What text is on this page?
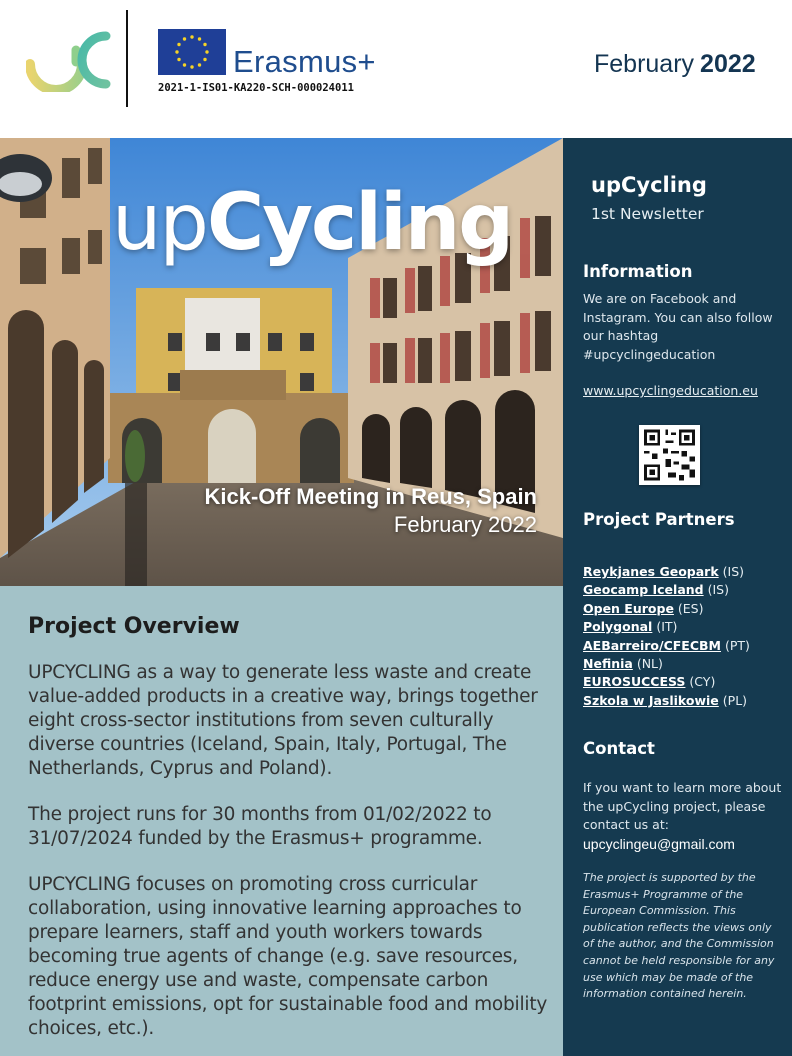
Erasmus+
2021-1-IS01-KA220-SCH-000024011
February 2022
upCycling
Kick-Off Meeting in Reus, Spain
February 2022
Project Overview

UPCYCLING as a way to generate less waste and create value-added products in a creative way, brings together eight cross-sector institutions from seven culturally diverse countries (Iceland, Spain, Italy, Portugal, The Netherlands, Cyprus and Poland).

The project runs for 30 months from 01/02/2022 to 31/07/2024 funded by the Erasmus+ programme.

UPCYCLING focuses on promoting cross curricular collaboration, using innovative learning approaches to prepare learners, staff and youth workers towards becoming true agents of change (e.g. save resources, reduce energy use and waste, compensate carbon footprint emissions, opt for sustainable food and mobility choices, etc.).

upCycling
1st Newsletter
Information
We are on Facebook and Instagram. You can also follow our hashtag #upcyclingeducation
www.upcyclingeducation.eu
Project Partners
Reykjanes Geopark (IS)
Geocamp Iceland (IS)
Open Europe (ES)
Polygonal (IT)
AEBarreiro/CFECBM (PT)
Nefinia (NL)
EUROSUCCESS (CY)
Szkola w Jaslikowie (PL)
Contact
If you want to learn more about the upCycling project, please contact us at:
upcyclingeu@gmail.com
The project is supported by the Erasmus+ Programme of the European Commission. This publication reflects the views only of the author, and the Commission cannot be held responsible for any use which may be made of the information contained herein.
